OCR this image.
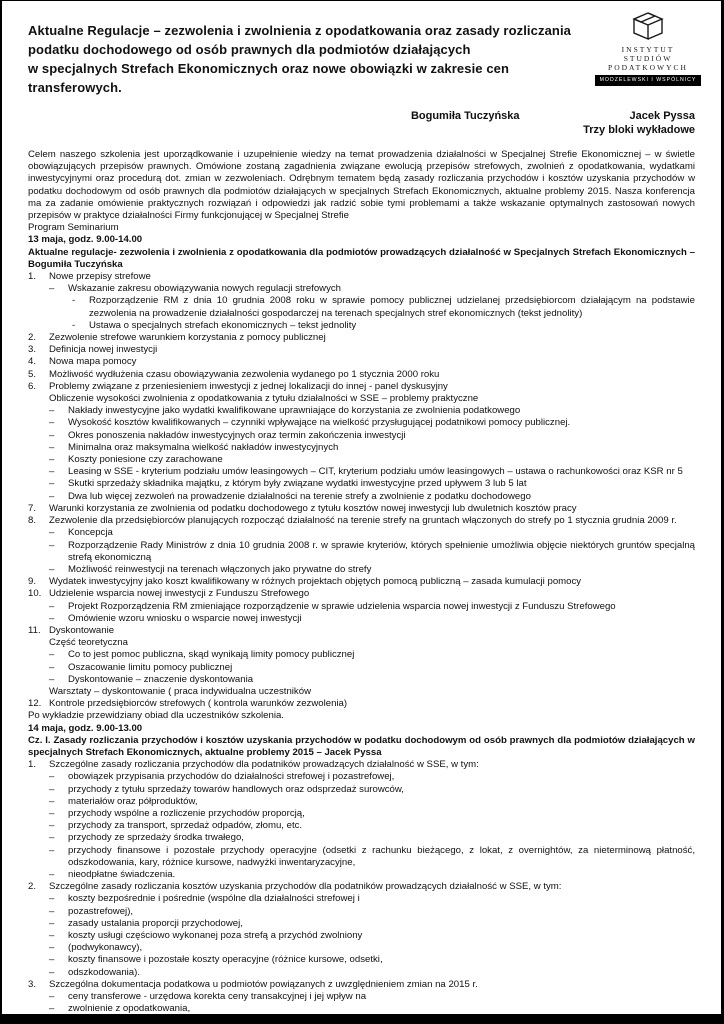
Aktualne Regulacje – zezwolenia i zwolnienia z opodatkowania oraz zasady rozliczania
podatku dochodowego od osób prawnych dla podmiotów działających
w specjalnych Strefach Ekonomicznych oraz nowe obowiązki w zakresie cen transferowych.
INSTYTUT
STUDIÓW
PODATKOWYCH
MODZELEWSKI I WSPÓLNICY
Bogumiła Tuczyńska	Jacek Pyssa
Trzy bloki wykładowe

Celem naszego szkolenia jest uporządkowanie i uzupełnienie wiedzy na temat prowadzenia działalności w Specjalnej Strefie Ekonomicznej – w świetle obowiązujących przepisów prawnych. Omówione zostaną zagadnienia związane ewolucją przepisów strefowych, zwolnień z opodatkowania, wydatkami inwestycyjnymi oraz procedurą dot. zmian w zezwoleniach. Odrębnym tematem będą zasady rozliczania przychodów i kosztów uzyskania przychodów w podatku dochodowym od osób prawnych dla podmiotów działających w specjalnych Strefach Ekonomicznych, aktualne problemy 2015. Nasza konferencja ma za zadanie omówienie praktycznych rozwiązań i odpowiedzi jak radzić sobie tymi problemami a także wskazanie optymalnych zastosowań nowych przepisów w praktyce działalności Firmy funkcjonującej w Specjalnej Strefie

Program Seminarium
13 maja, godz. 9.00-14.00
Aktualne regulacje- zezwolenia i zwolnienia z opodatkowania dla podmiotów prowadzących działalność w Specjalnych Strefach Ekonomicznych – Bogumiła Tuczyńska
1.	Nowe przepisy strefowe
–	Wskazanie zakresu obowiązywania nowych regulacji strefowych
-	Rozporządzenie RM z dnia 10 grudnia 2008 roku w sprawie pomocy publicznej udzielanej przedsiębiorcom działającym na podstawie zezwolenia na prowadzenie działalności gospodarczej na terenach specjalnych stref ekonomicznych (tekst jednolity)
-	Ustawa o specjalnych strefach ekonomicznych – tekst jednolity
2.	Zezwolenie strefowe warunkiem korzystania z pomocy publicznej
3.	Definicja nowej inwestycji
4.	Nowa mapa pomocy
5.	Możliwość wydłużenia czasu obowiązywania zezwolenia wydanego po 1 stycznia 2000 roku
6.	Problemy związane z przeniesieniem inwestycji z jednej lokalizacji do innej - panel dyskusyjny
Obliczenie wysokości zwolnienia z opodatkowania z tytułu działalności w SSE – problemy praktyczne
–	Nakłady inwestycyjne jako wydatki kwalifikowane uprawniające do korzystania ze zwolnienia podatkowego
–	Wysokość kosztów kwalifikowanych – czynniki wpływające na wielkość przysługującej podatnikowi pomocy publicznej.
–	Okres ponoszenia nakładów inwestycyjnych oraz termin zakończenia inwestycji
–	Minimalna oraz maksymalna wielkość nakładów inwestycyjnych
–	Koszty poniesione czy zarachowane
–	Leasing w SSE - kryterium podziału umów leasingowych – CIT, kryterium podziału umów leasingowych – ustawa o rachunkowości oraz KSR nr 5
–	Skutki sprzedaży składnika majątku, z którym były związane wydatki inwestycyjne przed upływem 3 lub 5 lat
–	Dwa lub więcej zezwoleń na prowadzenie działalności na terenie strefy a zwolnienie z podatku dochodowego
7.	Warunki korzystania ze zwolnienia od podatku dochodowego z tytułu kosztów nowej inwestycji lub dwuletnich kosztów pracy
8.	Zezwolenie dla przedsiębiorców planujących rozpocząć działalność na terenie strefy na gruntach włączonych do strefy po 1 stycznia grudnia 2009 r.
–	Koncepcja
–	Rozporządzenie Rady Ministrów z dnia 10 grudnia 2008 r. w sprawie kryteriów, których spełnienie umożliwia objęcie niektórych gruntów specjalną strefą ekonomiczną
–	Możliwość reinwestycji na terenach włączonych jako prywatne do strefy
9.	Wydatek inwestycyjny jako koszt kwalifikowany w różnych projektach objętych pomocą publiczną – zasada kumulacji pomocy
10. Udzielenie wsparcia nowej inwestycji z Funduszu Strefowego
–	Projekt Rozporządzenia RM zmieniające rozporządzenie w sprawie udzielenia wsparcia nowej inwestycji z Funduszu Strefowego
–	Omówienie wzoru wniosku o wsparcie nowej inwestycji
11. Dyskontowanie
Część teoretyczna
–	Co to jest pomoc publiczna, skąd wynikają limity pomocy publicznej
–	Oszacowanie limitu pomocy publicznej
–	Dyskontowanie – znaczenie dyskontowania
Warsztaty – dyskontowanie ( praca indywidualna uczestników
12. Kontrole przedsiębiorców strefowych ( kontrola warunków zezwolenia)
Po wykładzie przewidziany obiad dla uczestników szkolenia.
14 maja, godz. 9.00-13.00
Cz. I. Zasady rozliczania przychodów i kosztów uzyskania przychodów w podatku dochodowym od osób prawnych dla podmiotów działających w specjalnych Strefach Ekonomicznych, aktualne problemy 2015 – Jacek Pyssa
1.	Szczególne zasady rozliczania przychodów dla podatników prowadzących działalność w SSE, w tym:
–	obowiązek przypisania przychodów do działalności strefowej i pozastrefowej,
–	przychody z tytułu sprzedaży towarów handlowych oraz odsprzedaż surowców,
–	materiałów oraz półproduktów,
–	przychody wspólne a rozliczenie przychodów proporcją,
–	przychody za transport, sprzedaż odpadów, złomu, etc.
–	przychody ze sprzedaży środka trwałego,
–	przychody finansowe i pozostałe przychody operacyjne (odsetki z rachunku bieżącego, z lokat, z overnightów, za nieterminową płatność, odszkodowania, kary, różnice kursowe, nadwyżki inwentaryzacyjne,
–	nieodpłatne świadczenia.
2.	Szczególne zasady rozliczania kosztów uzyskania przychodów dla podatników prowadzących działalność w SSE, w tym:
–	koszty bezpośrednie i pośrednie (wspólne dla działalności strefowej i
–	pozastrefowej),
–	zasady ustalania proporcji przychodowej,
–	koszty usługi częściowo wykonanej poza strefą a przychód zwolniony
–	(podwykonawcy),
–	koszty finansowe i pozostałe koszty operacyjne (różnice kursowe, odsetki,
–	odszkodowania).
3.	Szczególna dokumentacja podatkowa u podmiotów powiązanych z uwzględnieniem zmian na 2015 r.
–	ceny transferowe - urzędowa korekta ceny transakcyjnej i jej wpływ na
–	zwolnienie z opodatkowania,
